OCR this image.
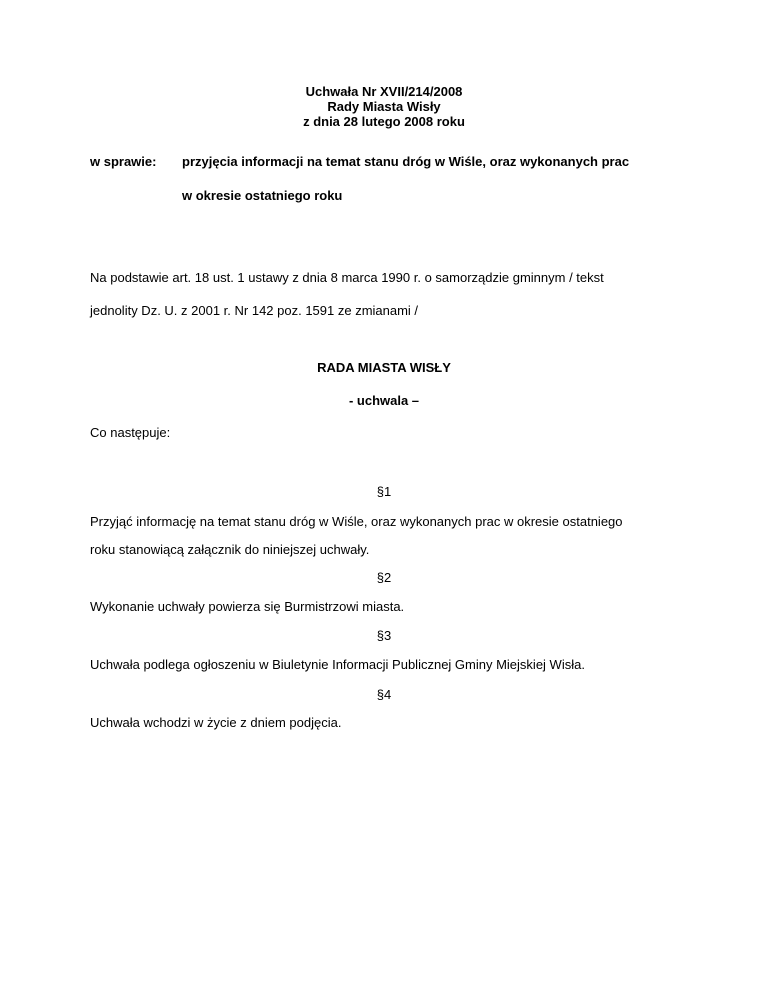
Uchwała Nr XVII/214/2008
Rady Miasta Wisły
z dnia 28 lutego 2008 roku
w sprawie: przyjęcia informacji na temat stanu dróg w Wiśle, oraz wykonanych prac
w okresie ostatniego roku
Na podstawie art. 18 ust. 1 ustawy z dnia 8 marca 1990 r. o samorządzie gminnym / tekst
jednolity Dz. U. z 2001 r. Nr 142 poz. 1591 ze zmianami /
RADA MIASTA WISŁY
- uchwala –
Co następuje:
§1
Przyjąć informację na temat stanu dróg w Wiśle, oraz wykonanych prac w okresie ostatniego
roku stanowiącą załącznik do niniejszej uchwały.
§2
Wykonanie uchwały powierza się Burmistrzowi miasta.
§3
Uchwała podlega ogłoszeniu w Biuletynie Informacji Publicznej Gminy Miejskiej Wisła.
§4
Uchwała wchodzi w życie z dniem podjęcia.
